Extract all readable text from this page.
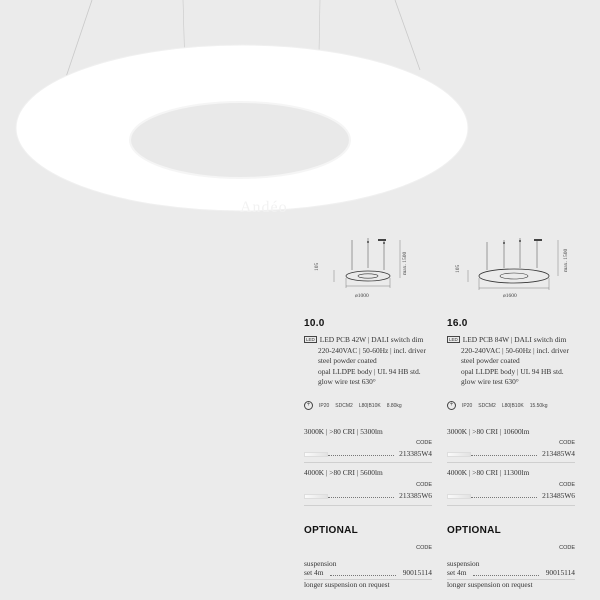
Andéo
ø1000
105	max. 1500
ø1600
105	max. 1500
10.0
LED LED PCB 42W | DALI switch dim
220-240VAC | 50-60Hz | incl. driver
steel powder coated
opal LLDPE body | UL 94 HB std.
glow wire test 630°
+	IP20 SDCM2 L80|B10K 8.80kg
3000K | >80 CRI | 5300lm
CODE
213385W4
4000K | >80 CRI | 5600lm
CODE
213385W6
OPTIONAL
CODE
suspension
set 4m	90015114
longer suspension on request
16.0
LED LED PCB 84W | DALI switch dim
220-240VAC | 50-60Hz | incl. driver
steel powder coated
opal LLDPE body | UL 94 HB std.
glow wire test 630°
+	IP20 SDCM2 L80|B10K 15.50kg
3000K | >80 CRI | 10600lm
CODE
213485W4
4000K | >80 CRI | 11300lm
CODE
213485W6
OPTIONAL
CODE
suspension
set 4m	90015114
longer suspension on request
